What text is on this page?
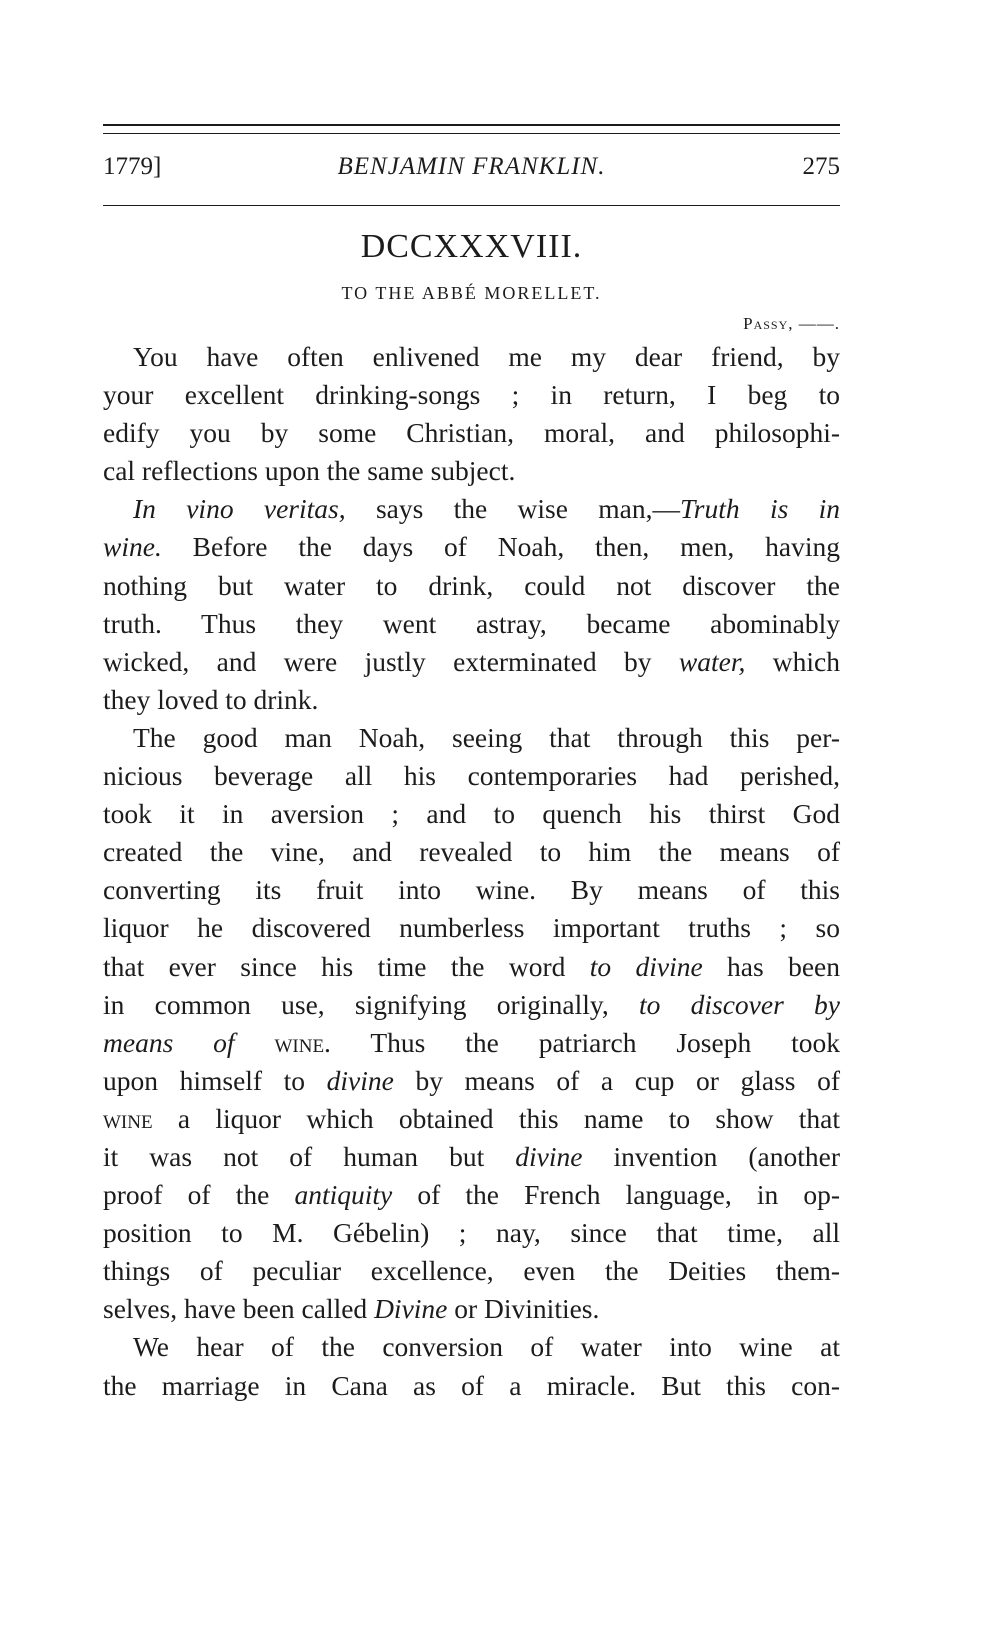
1779]	BENJAMIN FRANKLIN.	275
DCCXXXVIII.
TO THE ABBÉ MORELLET.
Passy, ——.
You have often enlivened me my dear friend, by
your excellent drinking-songs ; in return, I beg to
edify you by some Christian, moral, and philosophi-
cal reflections upon the same subject.
In vino veritas, says the wise man,—Truth is in
wine. Before the days of Noah, then, men, having
nothing but water to drink, could not discover the
truth. Thus they went astray, became abominably
wicked, and were justly exterminated by water, which
they loved to drink.
The good man Noah, seeing that through this per-
nicious beverage all his contemporaries had perished,
took it in aversion ; and to quench his thirst God
created the vine, and revealed to him the means of
converting its fruit into wine. By means of this
liquor he discovered numberless important truths ; so
that ever since his time the word to divine has been
in common use, signifying originally, to discover by
means of wine. Thus the patriarch Joseph took
upon himself to divine by means of a cup or glass of
wine a liquor which obtained this name to show that
it was not of human but divine invention (another
proof of the antiquity of the French language, in op-
position to M. Gébelin) ; nay, since that time, all
things of peculiar excellence, even the Deities them-
selves, have been called Divine or Divinities.
We hear of the conversion of water into wine at
the marriage in Cana as of a miracle. But this con-
